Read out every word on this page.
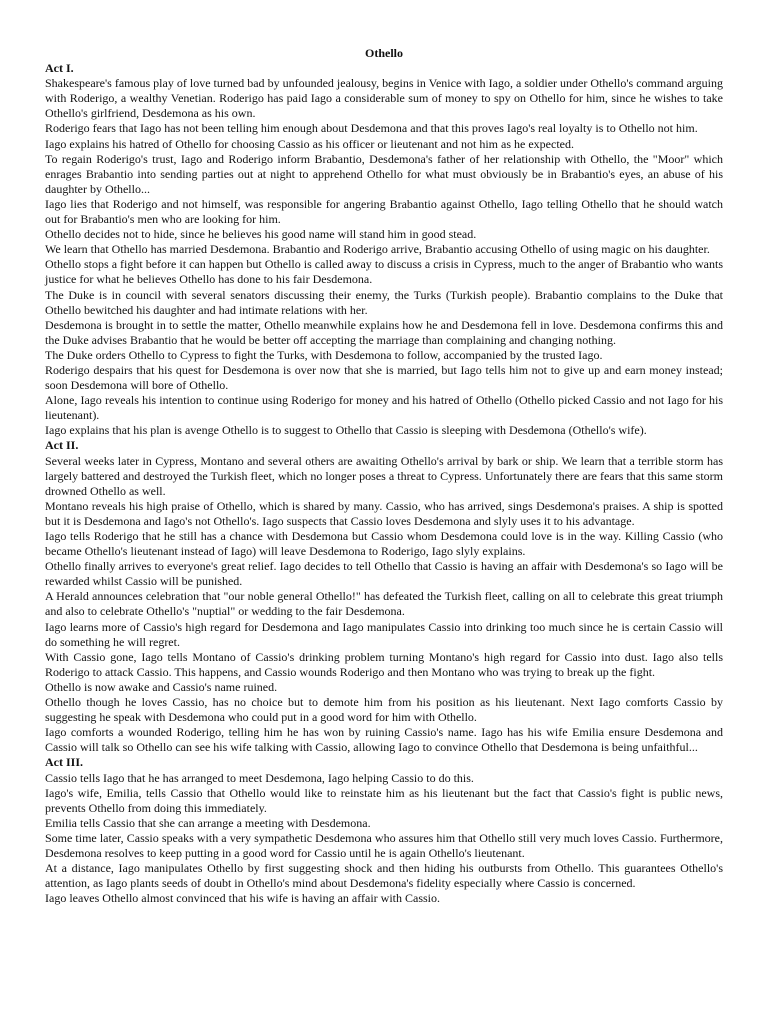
Othello
Act I.

Shakespeare's famous play of love turned bad by unfounded jealousy, begins in Venice with Iago, a soldier under Othello's command arguing with Roderigo, a wealthy Venetian. Roderigo has paid Iago a considerable sum of money to spy on Othello for him, since he wishes to take Othello's girlfriend, Desdemona as his own.

Roderigo fears that Iago has not been telling him enough about Desdemona and that this proves Iago's real loyalty is to Othello not him.

Iago explains his hatred of Othello for choosing Cassio as his officer or lieutenant and not him as he expected.

To regain Roderigo's trust, Iago and Roderigo inform Brabantio, Desdemona's father of her relationship with Othello, the "Moor" which enrages Brabantio into sending parties out at night to apprehend Othello for what must obviously be in Brabantio's eyes, an abuse of his daughter by Othello...

Iago lies that Roderigo and not himself, was responsible for angering Brabantio against Othello, Iago telling Othello that he should watch out for Brabantio's men who are looking for him.

Othello decides not to hide, since he believes his good name will stand him in good stead.

We learn that Othello has married Desdemona. Brabantio and Roderigo arrive, Brabantio accusing Othello of using magic on his daughter.

Othello stops a fight before it can happen but Othello is called away to discuss a crisis in Cypress, much to the anger of Brabantio who wants justice for what he believes Othello has done to his fair Desdemona.

The Duke is in council with several senators discussing their enemy, the Turks (Turkish people). Brabantio complains to the Duke that Othello bewitched his daughter and had intimate relations with her.

Desdemona is brought in to settle the matter, Othello meanwhile explains how he and Desdemona fell in love. Desdemona confirms this and the Duke advises Brabantio that he would be better off accepting the marriage than complaining and changing nothing.

The Duke orders Othello to Cypress to fight the Turks, with Desdemona to follow, accompanied by the trusted Iago.

Roderigo despairs that his quest for Desdemona is over now that she is married, but Iago tells him not to give up and earn money instead; soon Desdemona will bore of Othello.

Alone, Iago reveals his intention to continue using Roderigo for money and his hatred of Othello (Othello picked Cassio and not Iago for his lieutenant).

Iago explains that his plan is avenge Othello is to suggest to Othello that Cassio is sleeping with Desdemona (Othello's wife).

Act II.

Several weeks later in Cypress, Montano and several others are awaiting Othello's arrival by bark or ship. We learn that a terrible storm has largely battered and destroyed the Turkish fleet, which no longer poses a threat to Cypress. Unfortunately there are fears that this same storm drowned Othello as well.

Montano reveals his high praise of Othello, which is shared by many. Cassio, who has arrived, sings Desdemona's praises. A ship is spotted but it is Desdemona and Iago's not Othello's. Iago suspects that Cassio loves Desdemona and slyly uses it to his advantage.

Iago tells Roderigo that he still has a chance with Desdemona but Cassio whom Desdemona could love is in the way. Killing Cassio (who became Othello's lieutenant instead of Iago) will leave Desdemona to Roderigo, Iago slyly explains.

Othello finally arrives to everyone's great relief. Iago decides to tell Othello that Cassio is having an affair with Desdemona's so Iago will be rewarded whilst Cassio will be punished.

A Herald announces celebration that "our noble general Othello!" has defeated the Turkish fleet, calling on all to celebrate this great triumph and also to celebrate Othello's "nuptial" or wedding to the fair Desdemona.

Iago learns more of Cassio's high regard for Desdemona and Iago manipulates Cassio into drinking too much since he is certain Cassio will do something he will regret.

With Cassio gone, Iago tells Montano of Cassio's drinking problem turning Montano's high regard for Cassio into dust. Iago also tells Roderigo to attack Cassio. This happens, and Cassio wounds Roderigo and then Montano who was trying to break up the fight.

Othello is now awake and Cassio's name ruined.

Othello though he loves Cassio, has no choice but to demote him from his position as his lieutenant. Next Iago comforts Cassio by suggesting he speak with Desdemona who could put in a good word for him with Othello.

Iago comforts a wounded Roderigo, telling him he has won by ruining Cassio's name. Iago has his wife Emilia ensure Desdemona and Cassio will talk so Othello can see his wife talking with Cassio, allowing Iago to convince Othello that Desdemona is being unfaithful...

Act III.

Cassio tells Iago that he has arranged to meet Desdemona, Iago helping Cassio to do this.

Iago's wife, Emilia, tells Cassio that Othello would like to reinstate him as his lieutenant but the fact that Cassio's fight is public news, prevents Othello from doing this immediately.

Emilia tells Cassio that she can arrange a meeting with Desdemona.

Some time later, Cassio speaks with a very sympathetic Desdemona who assures him that Othello still very much loves Cassio. Furthermore, Desdemona resolves to keep putting in a good word for Cassio until he is again Othello's lieutenant.

At a distance, Iago manipulates Othello by first suggesting shock and then hiding his outbursts from Othello. This guarantees Othello's attention, as Iago plants seeds of doubt in Othello's mind about Desdemona's fidelity especially where Cassio is concerned.

Iago leaves Othello almost convinced that his wife is having an affair with Cassio.
